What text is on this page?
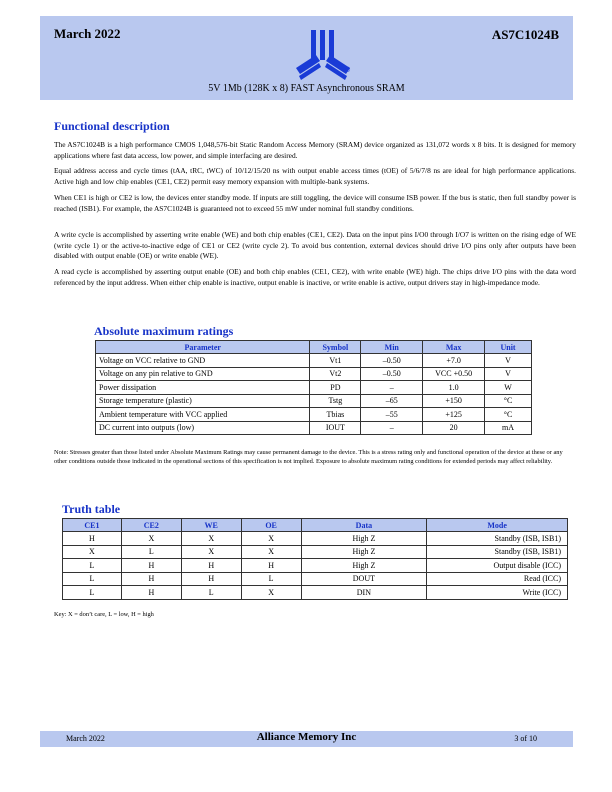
March 2022
®
AS7C1024B
5V 1Mb (128K x 8) FAST Asynchronous SRAM
Functional description

The AS7C1024B is a high performance CMOS 1,048,576-bit Static Random Access Memory (SRAM) device organized as 131,072 words x 8 bits. It is designed for memory applications where fast data access, low power, and simple interfacing are desired.

Equal address access and cycle times (tAA, tRC, tWC) of 10/12/15/20 ns with output enable access times (tOE) of 5/6/7/8 ns are ideal for high performance applications. Active high and low chip enables (CE1, CE2) permit easy memory expansion with multiple-bank systems.

When CE1 is high or CE2 is low, the devices enter standby mode. If inputs are still toggling, the device will consume ISB power. If the bus is static, then full standby power is reached (ISB1). For example, the AS7C1024B is guaranteed not to exceed 55 mW under nominal full standby conditions.

A write cycle is accomplished by asserting write enable (WE) and both chip enables (CE1, CE2). Data on the input pins I/O0 through I/O7 is written on the rising edge of WE (write cycle 1) or the active-to-inactive edge of CE1 or CE2 (write cycle 2). To avoid bus contention, external devices should drive I/O pins only after outputs have been disabled with output enable (OE) or write enable (WE).

A read cycle is accomplished by asserting output enable (OE) and both chip enables (CE1, CE2), with write enable (WE) high. The chips drive I/O pins with the data word referenced by the input address. When either chip enable is inactive, output enable is inactive, or write enable is active, output drivers stay in high-impedance mode.

Absolute maximum ratings
Parameter	Symbol	Min	Max	Unit
Voltage on VCC relative to GND	Vt1	–0.50	+7.0	V
Voltage on any pin relative to GND	Vt2	–0.50	VCC +0.50	V
Power dissipation	PD	–	1.0	W
Storage temperature (plastic)	Tstg	–65	+150	°C
Ambient temperature with VCC applied	Tbias	–55	+125	°C
DC current into outputs (low)	IOUT	–	20	mA

Note: Stresses greater than those listed under Absolute Maximum Ratings may cause permanent damage to the device. This is a stress rating only and functional operation of the device at these or any other conditions outside those indicated in the operational sections of this specification is not implied. Exposure to absolute maximum rating conditions for extended periods may affect reliability.

Truth table
CE1	CE2	WE	OE	Data	Mode
H	X	X	X	High Z	Standby (ISB, ISB1)
X	L	X	X	High Z	Standby (ISB, ISB1)
L	H	H	H	High Z	Output disable (ICC)
L	H	H	L	DOUT	Read (ICC)
L	H	L	X	DIN	Write (ICC)
Key: X = don’t care, L = low, H = high
March 2022	Alliance Memory Inc	3 of 10
